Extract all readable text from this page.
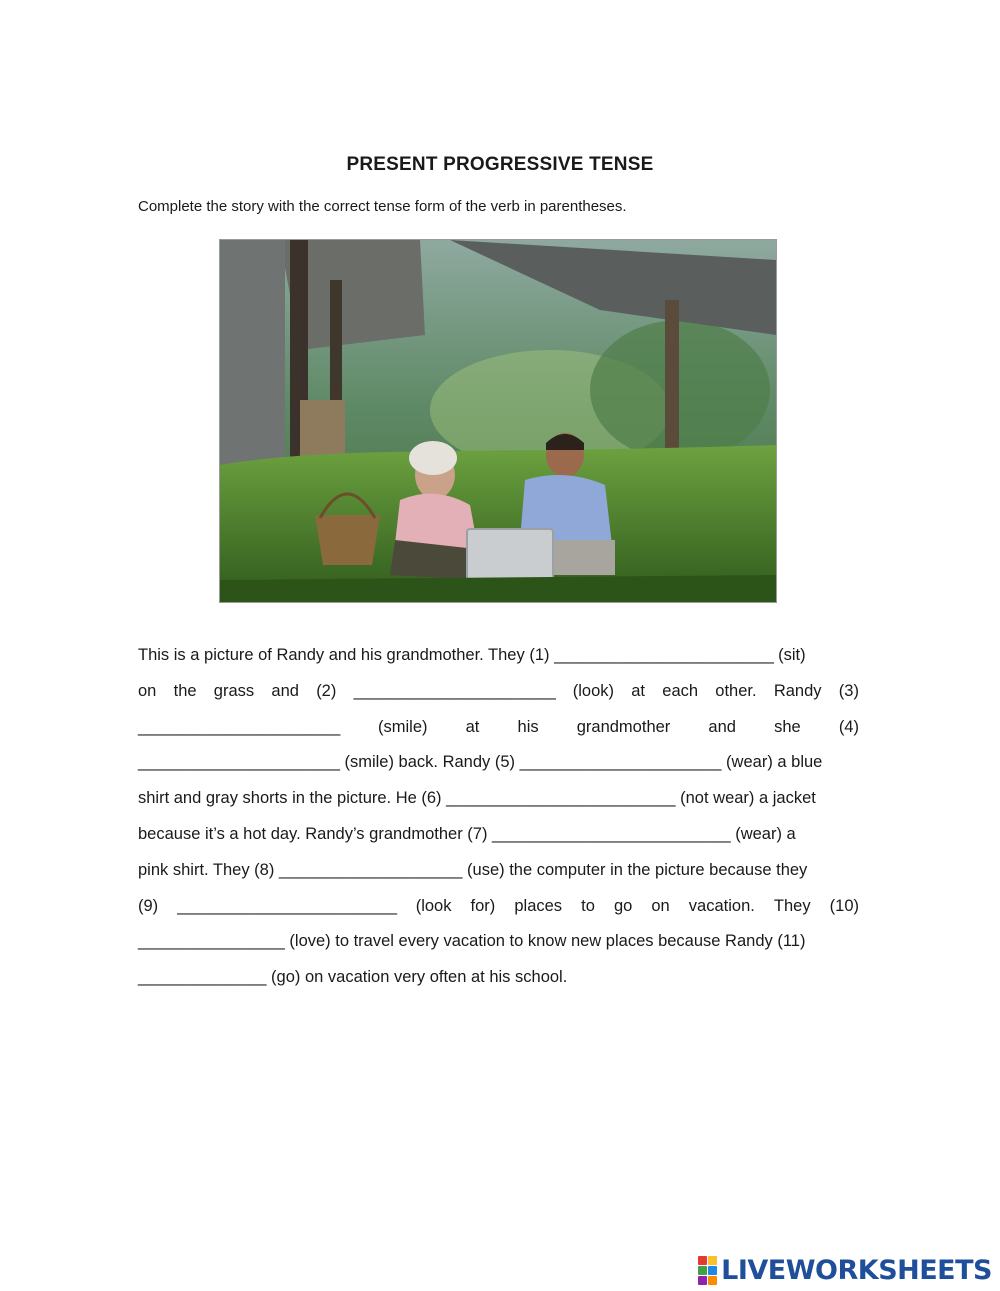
PRESENT PROGRESSIVE TENSE
Complete the story with the correct tense form of the verb in parentheses.
This is a picture of Randy and his grandmother. They (1) _________________________ (sit)
on the grass and (2) _______________________ (look) at each other. Randy (3)
_______________________ (smile) at his grandmother and she (4)
______________________ (smile) back. Randy (5) ______________________ (wear) a blue
shirt and gray shorts in the picture. He (6) _________________________ (not wear) a jacket
because it’s a hot day. Randy’s grandmother (7) __________________________ (wear) a
pink shirt. They (8) ____________________ (use) the computer in the picture because they
(9) _________________________ (look for) places to go on vacation. They (10)
________________ (love) to travel every vacation to know new places because Randy (11)
______________ (go) on vacation very often at his school.
LIVEWORKSHEETS
